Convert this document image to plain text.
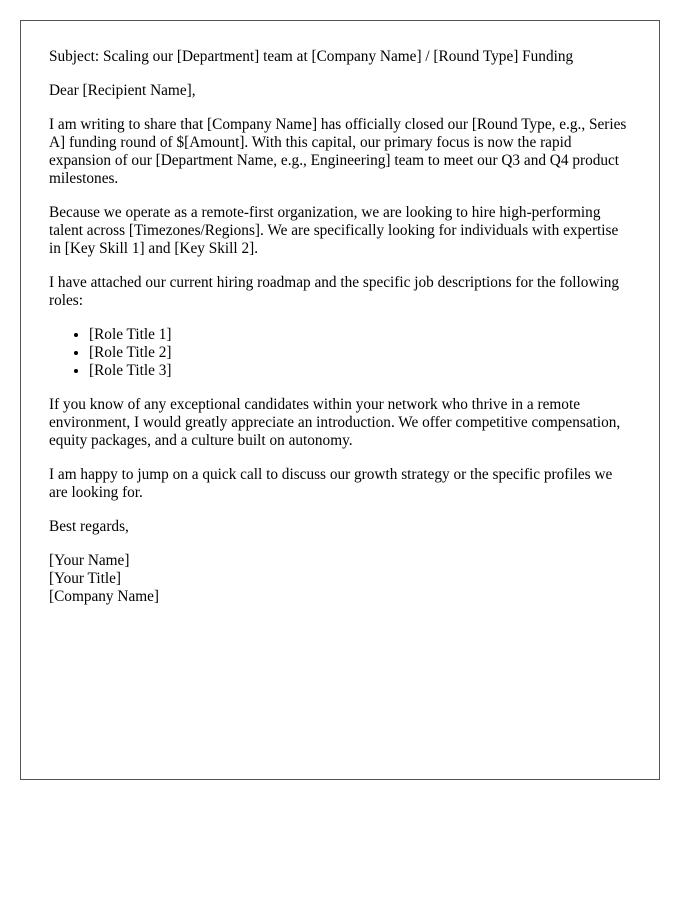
Subject: Scaling our [Department] team at [Company Name] / [Round Type] Funding

Dear [Recipient Name],

I am writing to share that [Company Name] has officially closed our [Round Type, e.g., Series A] funding round of $[Amount]. With this capital, our primary focus is now the rapid expansion of our [Department Name, e.g., Engineering] team to meet our Q3 and Q4 product milestones.

Because we operate as a remote-first organization, we are looking to hire high-performing talent across [Timezones/Regions]. We are specifically looking for individuals with expertise in [Key Skill 1] and [Key Skill 2].

I have attached our current hiring roadmap and the specific job descriptions for the following roles:

• [Role Title 1]
• [Role Title 2]
• [Role Title 3]

If you know of any exceptional candidates within your network who thrive in a remote environment, I would greatly appreciate an introduction. We offer competitive compensation, equity packages, and a culture built on autonomy.

I am happy to jump on a quick call to discuss our growth strategy or the specific profiles we are looking for.

Best regards,

[Your Name]
[Your Title]
[Company Name]
